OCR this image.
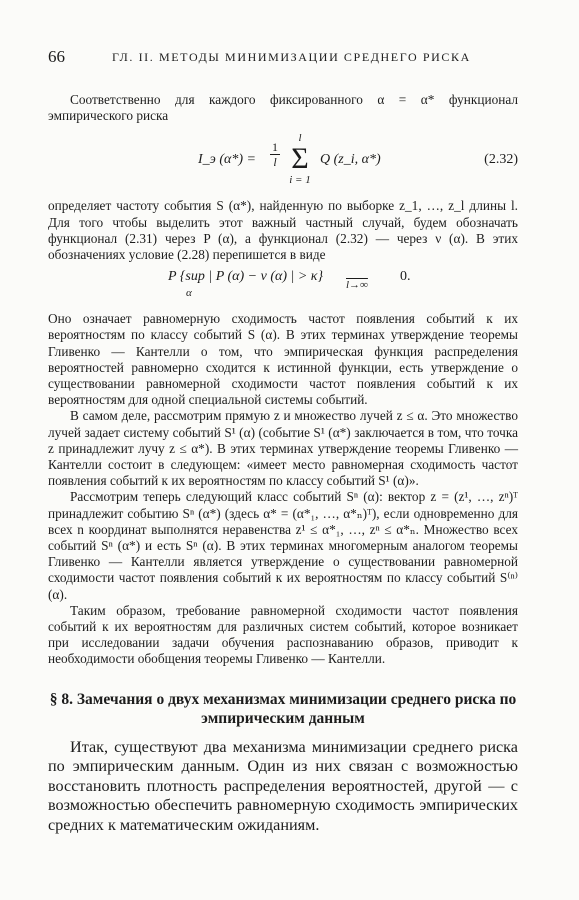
66	ГЛ. II. МЕТОДЫ МИНИМИЗАЦИИ СРЕДНЕГО РИСКА

Соответственно для каждого фиксированного α = α* функционал эмпирического риска

I_э (α*) =
1
l
l
Σ
i = 1
Q (z_i, α*)	(2.32)

определяет частоту события S (α*), найденную по выборке z_1, …, z_l длины l. Для того чтобы выделить этот важный частный случай, будем обозначать функционал (2.31) через P (α), а функционал (2.32) — через ν (α). В этих обозначениях условие (2.28) перепишется в виде

P {sup | P (α) − ν (α) | > κ}
α
l→∞
0.

Оно означает равномерную сходимость частот появления событий к их вероятностям по классу событий S (α). В этих терминах утверждение теоремы Гливенко — Кантелли о том, что эмпирическая функция распределения вероятностей равномерно сходится к истинной функции, есть утверждение о существовании равномерной сходимости частот появления событий к их вероятностям для одной специальной системы событий.

В самом деле, рассмотрим прямую z и множество лучей z ≤ α. Это множество лучей задает систему событий S¹ (α) (событие S¹ (α*) заключается в том, что точка z принадлежит лучу z ≤ α*). В этих терминах утверждение теоремы Гливенко — Кантелли состоит в следующем: «имеет место равномерная сходимость частот появления событий к их вероятностям по классу событий S¹ (α)».

Рассмотрим теперь следующий класс событий Sⁿ (α): вектор z = (z¹, …, zⁿ)ᵀ принадлежит событию Sⁿ (α*) (здесь α* = (α*₁, …, α*ₙ)ᵀ), если одновременно для всех n координат выполнятся неравенства z¹ ≤ α*₁, …, zⁿ ≤ α*ₙ. Множество всех событий Sⁿ (α*) и есть Sⁿ (α). В этих терминах многомерным аналогом теоремы Гливенко — Кантелли является утверждение о существовании равномерной сходимости частот появления событий к их вероятностям по классу событий S⁽ⁿ⁾ (α).

Таким образом, требование равномерной сходимости частот появления событий к их вероятностям для различных систем событий, которое возникает при исследовании задачи обучения распознаванию образов, приводит к необходимости обобщения теоремы Гливенко — Кантелли.

§ 8. Замечания о двух механизмах минимизации среднего риска по эмпирическим данным

Итак, существуют два механизма минимизации среднего риска по эмпирическим данным. Один из них связан с возможностью восстановить плотность распределения вероятностей, другой — с возможностью обеспечить равномерную сходимость эмпирических средних к математическим ожиданиям.
